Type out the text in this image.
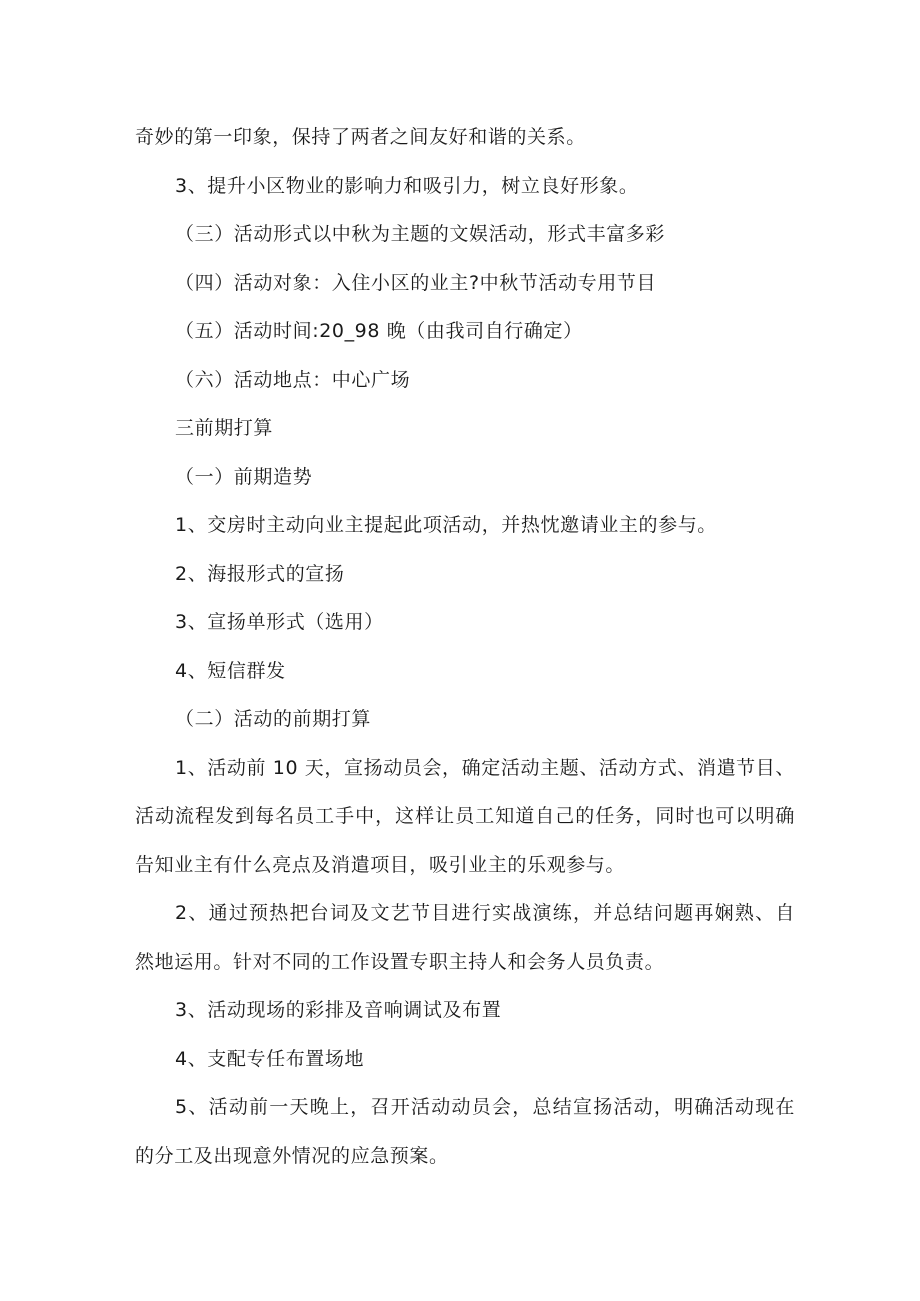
奇妙的第一印象，保持了两者之间友好和谐的关系。

3、提升小区物业的影响力和吸引力，树立良好形象。

（三）活动形式以中秋为主题的文娱活动，形式丰富多彩

（四）活动对象：入住小区的业主?中秋节活动专用节目

（五）活动时间:20_98 晚（由我司自行确定）

（六）活动地点：中心广场

三前期打算

（一）前期造势

1、交房时主动向业主提起此项活动，并热忱邀请业主的参与。

2、海报形式的宣扬

3、宣扬单形式（选用）

4、短信群发

（二）活动的前期打算

1、活动前 10 天，宣扬动员会，确定活动主题、活动方式、消遣节目、活动流程发到每名员工手中，这样让员工知道自己的任务，同时也可以明确告知业主有什么亮点及消遣项目，吸引业主的乐观参与。

2、通过预热把台词及文艺节目进行实战演练，并总结问题再娴熟、自然地运用。针对不同的工作设置专职主持人和会务人员负责。

3、活动现场的彩排及音响调试及布置

4、支配专任布置场地

5、活动前一天晚上，召开活动动员会，总结宣扬活动，明确活动现在的分工及出现意外情况的应急预案。
